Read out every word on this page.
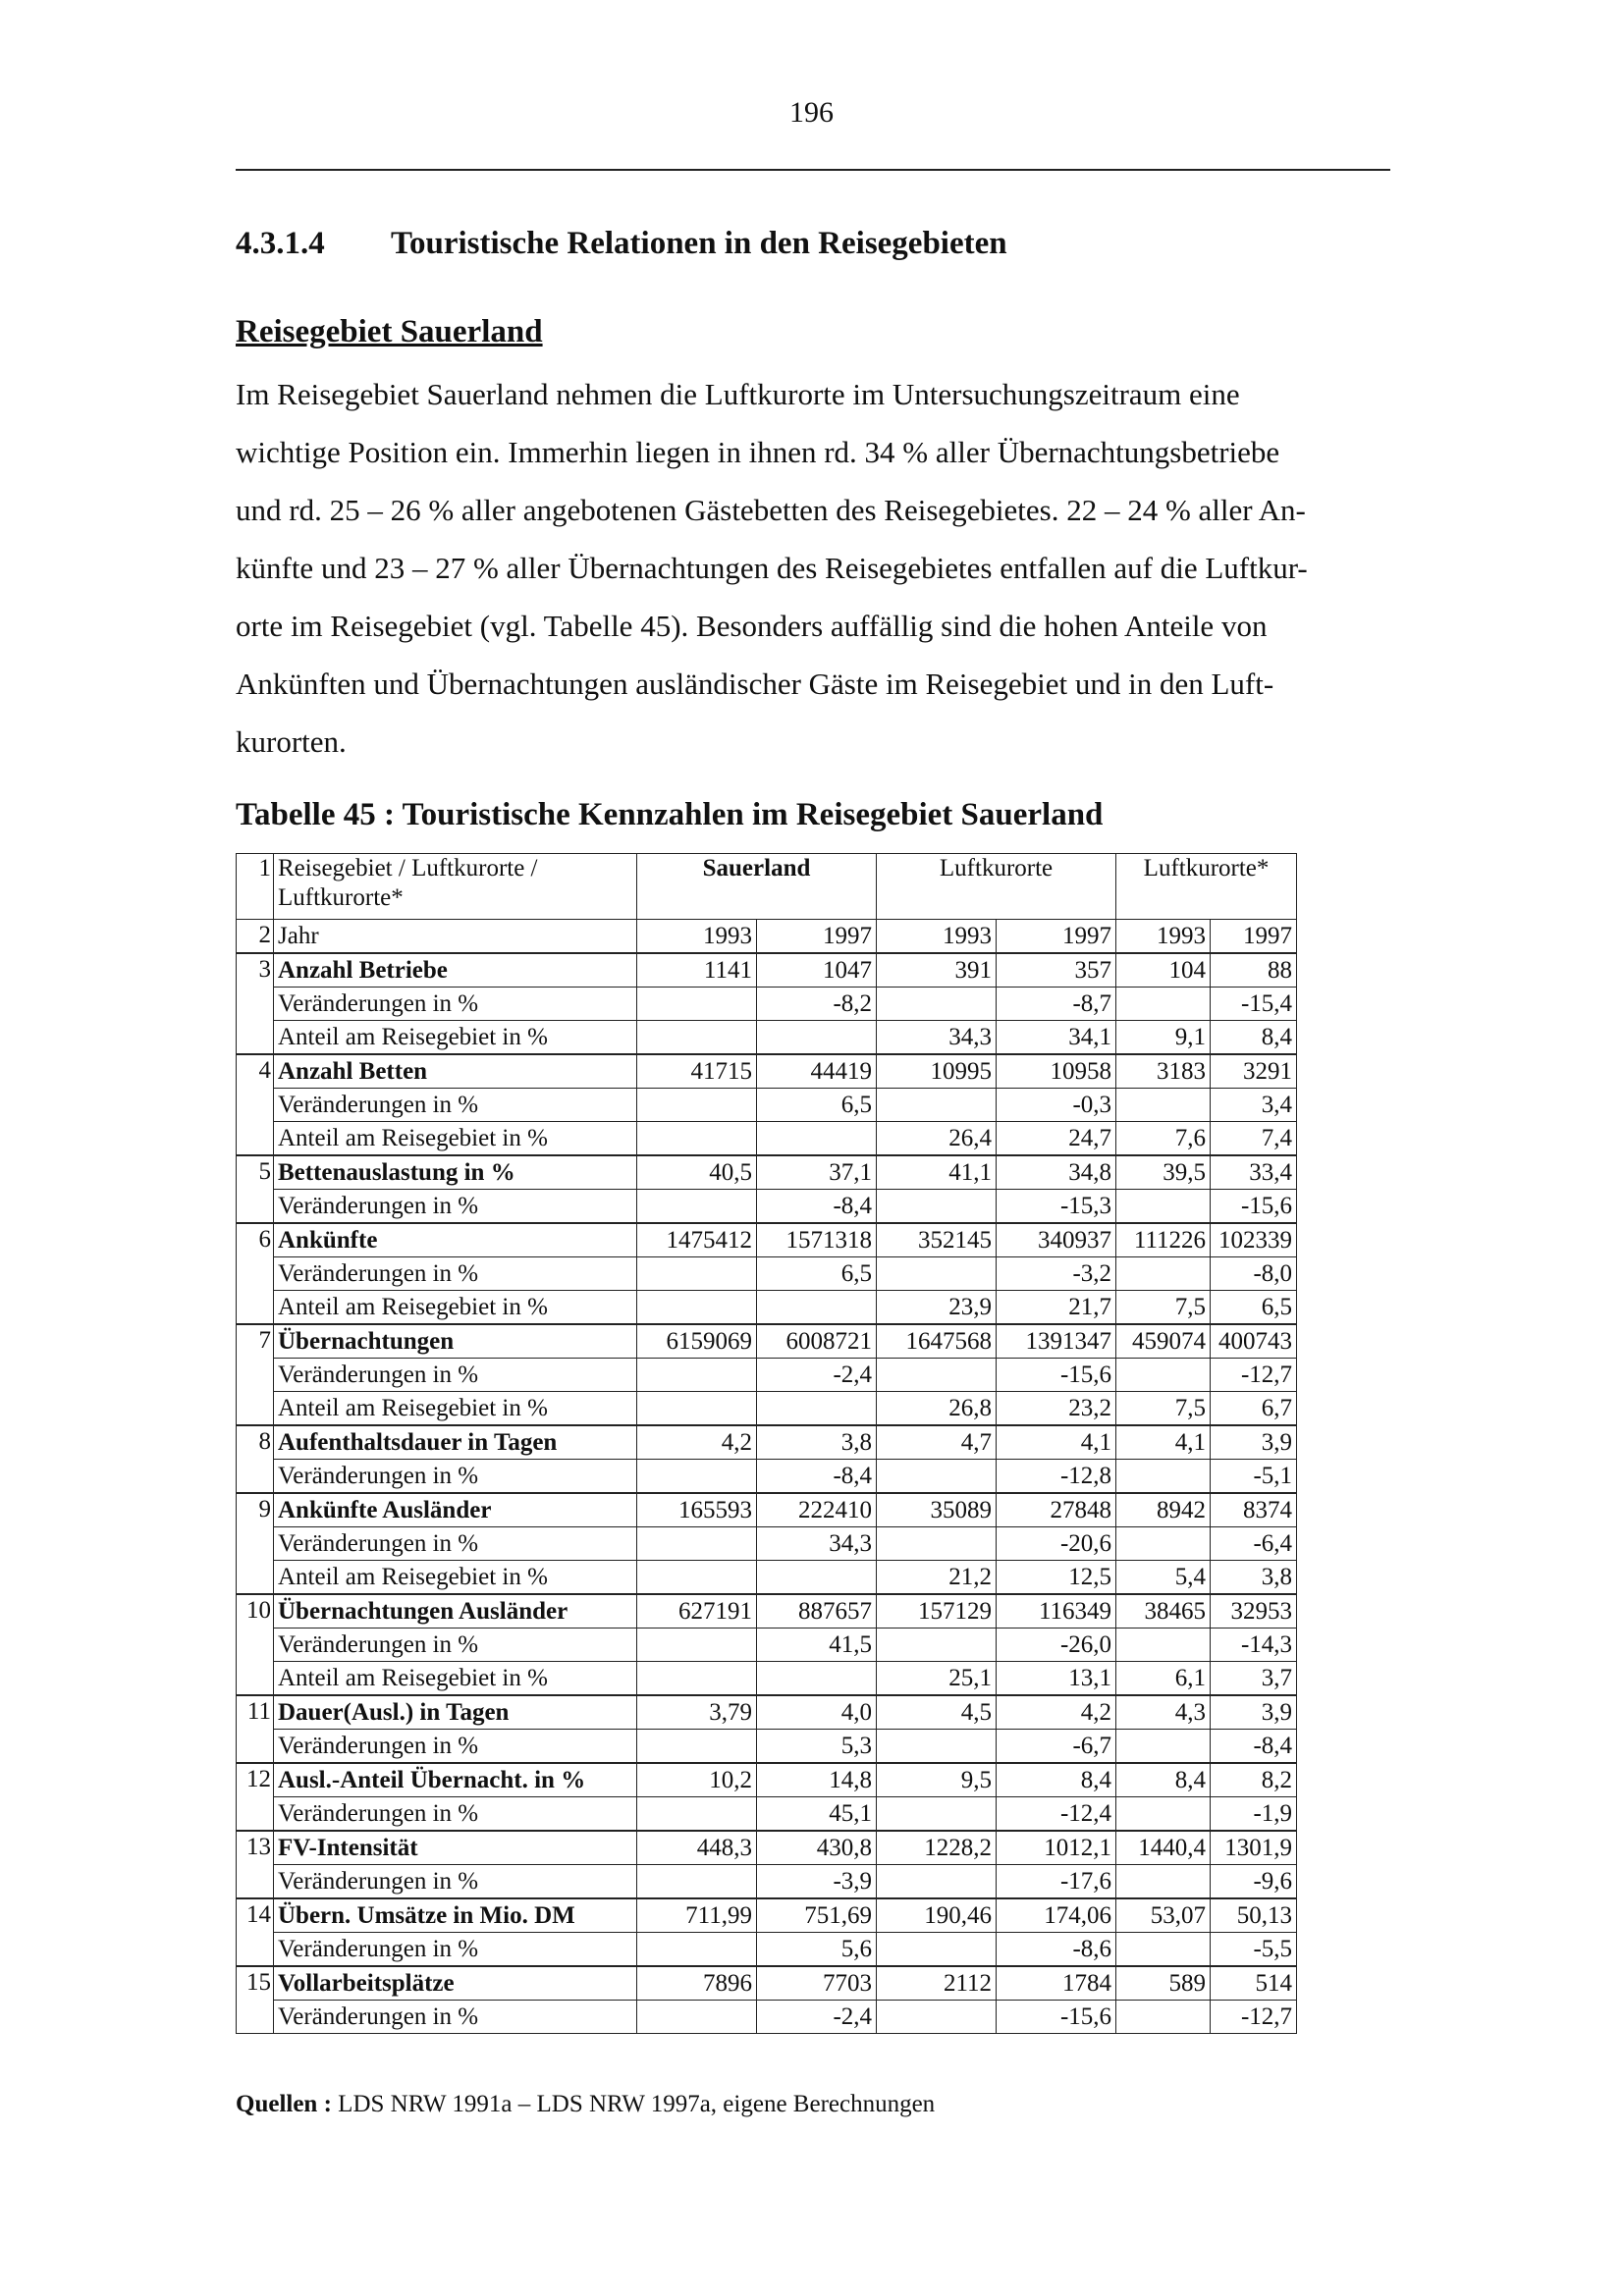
196
4.3.1.4 Touristische Relationen in den Reisegebieten
Reisegebiet Sauerland
Im Reisegebiet Sauerland nehmen die Luftkurorte im Untersuchungszeitraum eine
wichtige Position ein. Immerhin liegen in ihnen rd. 34 % aller Übernachtungsbetriebe
und rd. 25 – 26 % aller angebotenen Gästebetten des Reisegebietes. 22 – 24 % aller An-
künfte und 23 – 27 % aller Übernachtungen des Reisegebietes entfallen auf die Luftkur-
orte im Reisegebiet (vgl. Tabelle 45). Besonders auffällig sind die hohen Anteile von
Ankünften und Übernachtungen ausländischer Gäste im Reisegebiet und in den Luft-
kurorten.
Tabelle 45 : Touristische Kennzahlen im Reisegebiet Sauerland
1	Reisegebiet / Luftkurorte / Luftkurorte*	Sauerland		Luftkurorte		Luftkurorte*	
2	Jahr	1993	1997	1993	1997	1993	1997
3	Anzahl Betriebe	1141	1047	391	357	104	88
	Veränderungen in %		-8,2		-8,7		-15,4
	Anteil am Reisegebiet in %			34,3	34,1	9,1	8,4
4	Anzahl Betten	41715	44419	10995	10958	3183	3291
	Veränderungen in %		6,5		-0,3		3,4
	Anteil am Reisegebiet in %			26,4	24,7	7,6	7,4
5	Bettenauslastung in %	40,5	37,1	41,1	34,8	39,5	33,4
	Veränderungen in %		-8,4		-15,3		-15,6
6	Ankünfte	1475412	1571318	352145	340937	111226	102339
	Veränderungen in %		6,5		-3,2		-8,0
	Anteil am Reisegebiet in %			23,9	21,7	7,5	6,5
7	Übernachtungen	6159069	6008721	1647568	1391347	459074	400743
	Veränderungen in %		-2,4		-15,6		-12,7
	Anteil am Reisegebiet in %			26,8	23,2	7,5	6,7
8	Aufenthaltsdauer in Tagen	4,2	3,8	4,7	4,1	4,1	3,9
	Veränderungen in %		-8,4		-12,8		-5,1
9	Ankünfte Ausländer	165593	222410	35089	27848	8942	8374
	Veränderungen in %		34,3		-20,6		-6,4
	Anteil am Reisegebiet in %			21,2	12,5	5,4	3,8
10	Übernachtungen Ausländer	627191	887657	157129	116349	38465	32953
	Veränderungen in %		41,5		-26,0		-14,3
	Anteil am Reisegebiet in %			25,1	13,1	6,1	3,7
11	Dauer(Ausl.) in Tagen	3,79	4,0	4,5	4,2	4,3	3,9
	Veränderungen in %		5,3		-6,7		-8,4
12	Ausl.-Anteil Übernacht. in %	10,2	14,8	9,5	8,4	8,4	8,2
	Veränderungen in %		45,1		-12,4		-1,9
13	FV-Intensität	448,3	430,8	1228,2	1012,1	1440,4	1301,9
	Veränderungen in %		-3,9		-17,6		-9,6
14	Übern. Umsätze in Mio. DM	711,99	751,69	190,46	174,06	53,07	50,13
	Veränderungen in %		5,6		-8,6		-5,5
15	Vollarbeitsplätze	7896	7703	2112	1784	589	514
	Veränderungen in %		-2,4		-15,6		-12,7
Quellen : LDS NRW 1991a – LDS NRW 1997a, eigene Berechnungen
